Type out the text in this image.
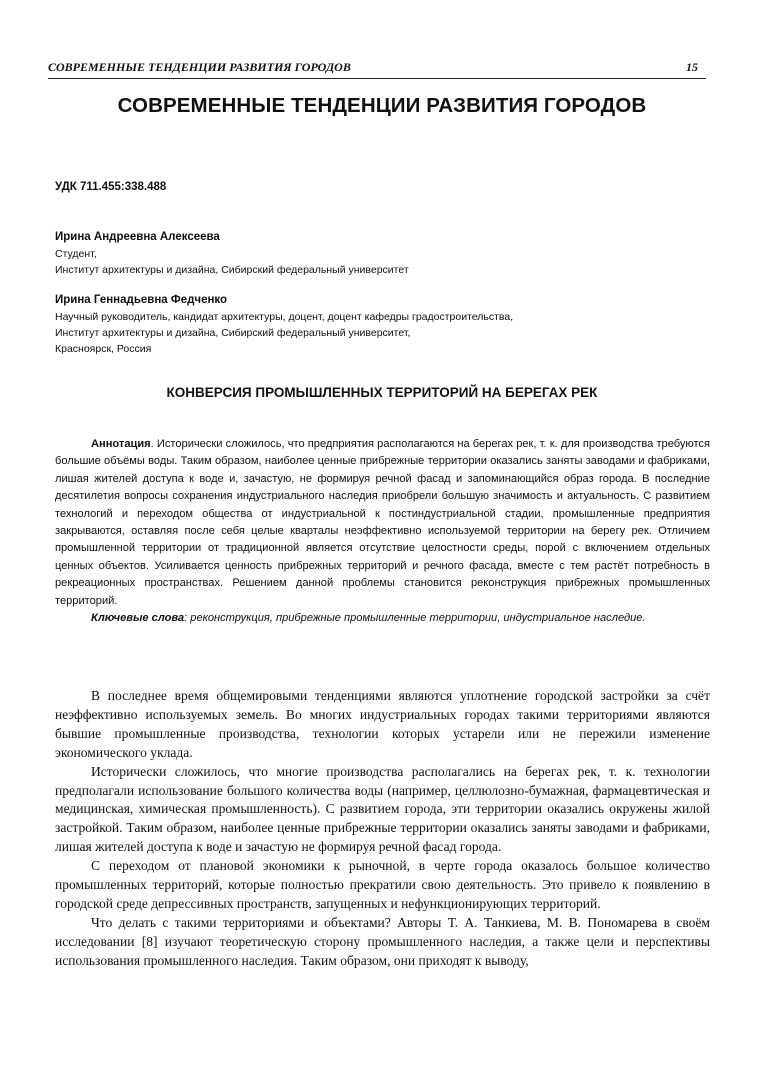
СОВРЕМЕННЫЕ ТЕНДЕНЦИИ РАЗВИТИЯ ГОРОДОВ	15
СОВРЕМЕННЫЕ ТЕНДЕНЦИИ РАЗВИТИЯ ГОРОДОВ
УДК 711.455:338.488
Ирина Андреевна Алексеева
Студент,
Институт архитектуры и дизайна, Сибирский федеральный университет
Ирина Геннадьевна Федченко
Научный руководитель, кандидат архитектуры, доцент, доцент кафедры градостроительства,
Институт архитектуры и дизайна, Сибирский федеральный университет,
Красноярск, Россия
КОНВЕРСИЯ ПРОМЫШЛЕННЫХ ТЕРРИТОРИЙ НА БЕРЕГАХ РЕК

Аннотация. Исторически сложилось, что предприятия располагаются на берегах рек, т. к. для производства требуются большие объёмы воды. Таким образом, наиболее ценные прибрежные территории оказались заняты заводами и фабриками, лишая жителей доступа к воде и, зачастую, не формируя речной фасад и запоминающийся образ города. В последние десятилетия вопросы сохранения индустриального наследия приобрели большую значимость и актуальность. С развитием технологий и переходом общества от индустриальной к постиндустриальной стадии, промышленные предприятия закрываются, оставляя после себя целые кварталы неэффективно используемой территории на берегу рек. Отличием промышленной территории от традиционной является отсутствие целостности среды, порой с включением отдельных ценных объектов. Усиливается ценность прибрежных территорий и речного фасада, вместе с тем растёт потребность в рекреационных пространствах. Решением данной проблемы становится реконструкция прибрежных промышленных территорий.

Ключевые слова: реконструкция, прибрежные промышленные территории, индустриальное наследие.

В последнее время общемировыми тенденциями являются уплотнение городской застройки за счёт неэффективно используемых земель. Во многих индустриальных городах такими территориями являются бывшие промышленные производства, технологии которых устарели или не пережили изменение экономического уклада.

Исторически сложилось, что многие производства располагались на берегах рек, т. к. технологии предполагали использование большого количества воды (например, целлюлозно-бумажная, фармацевтическая и медицинская, химическая промышленность). С развитием города, эти территории оказались окружены жилой застройкой. Таким образом, наиболее ценные прибрежные территории оказались заняты заводами и фабриками, лишая жителей доступа к воде и зачастую не формируя речной фасад города.

С переходом от плановой экономики к рыночной, в черте города оказалось большое количество промышленных территорий, которые полностью прекратили свою деятельность. Это привело к появлению в городской среде депрессивных пространств, запущенных и нефункционирующих территорий.

Что делать с такими территориями и объектами? Авторы Т. А. Танкиева, М. В. Пономарева в своём исследовании [8] изучают теоретическую сторону промышленного наследия, а также цели и перспективы использования промышленного наследия. Таким образом, они приходят к выводу,
